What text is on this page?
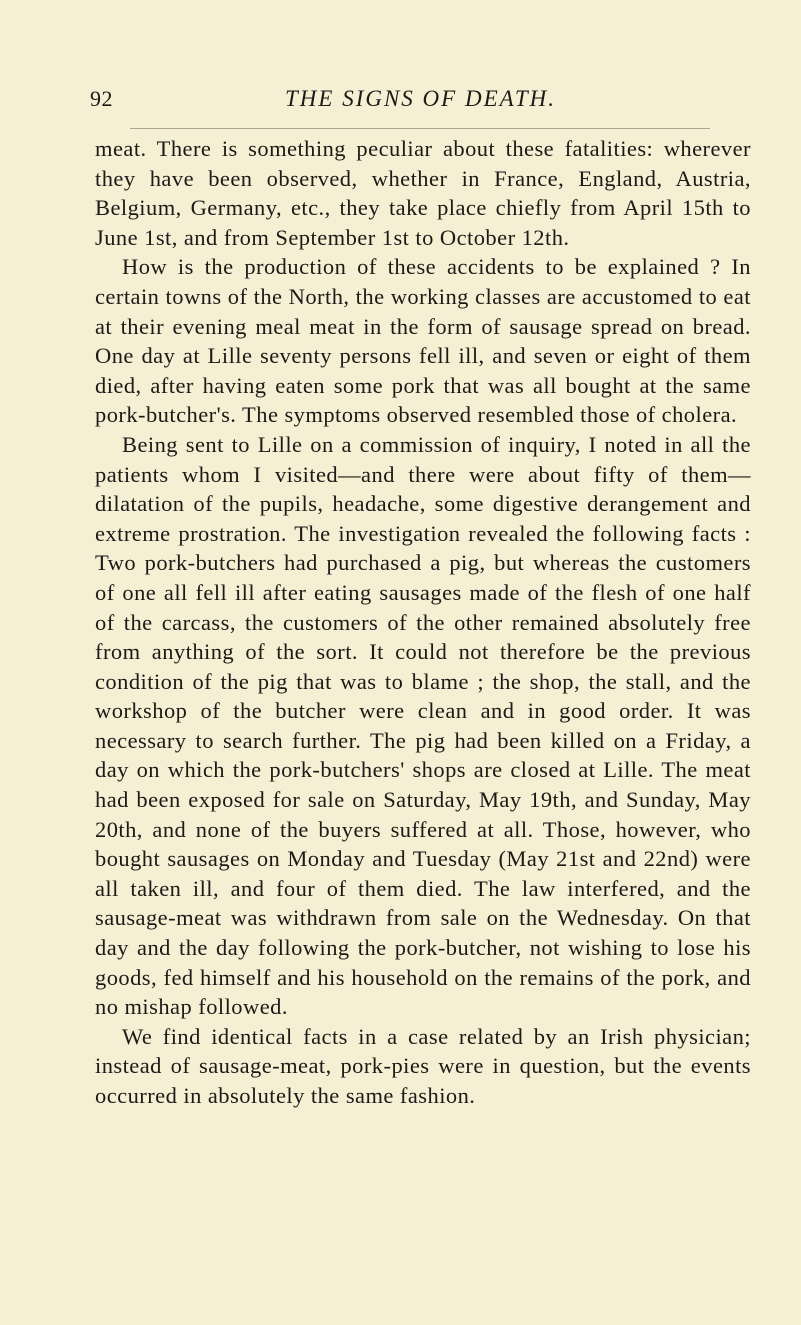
92	THE SIGNS OF DEATH.

meat. There is something peculiar about these fatalities: wherever they have been observed, whether in France, England, Austria, Belgium, Germany, etc., they take place chiefly from April 15th to June 1st, and from September 1st to October 12th.

How is the production of these accidents to be explained ? In certain towns of the North, the working classes are accustomed to eat at their evening meal meat in the form of sausage spread on bread. One day at Lille seventy persons fell ill, and seven or eight of them died, after having eaten some pork that was all bought at the same pork-butcher's. The symptoms observed resembled those of cholera.

Being sent to Lille on a commission of inquiry, I noted in all the patients whom I visited—and there were about fifty of them—dilatation of the pupils, headache, some digestive derangement and extreme prostration. The investigation revealed the following facts : Two pork-butchers had purchased a pig, but whereas the customers of one all fell ill after eating sausages made of the flesh of one half of the carcass, the customers of the other remained absolutely free from anything of the sort. It could not therefore be the previous condition of the pig that was to blame ; the shop, the stall, and the workshop of the butcher were clean and in good order. It was necessary to search further. The pig had been killed on a Friday, a day on which the pork-butchers' shops are closed at Lille. The meat had been exposed for sale on Saturday, May 19th, and Sunday, May 20th, and none of the buyers suffered at all. Those, however, who bought sausages on Monday and Tuesday (May 21st and 22nd) were all taken ill, and four of them died. The law interfered, and the sausage-meat was withdrawn from sale on the Wednesday. On that day and the day following the pork-butcher, not wishing to lose his goods, fed himself and his household on the remains of the pork, and no mishap followed.

We find identical facts in a case related by an Irish physician; instead of sausage-meat, pork-pies were in question, but the events occurred in absolutely the same fashion.
